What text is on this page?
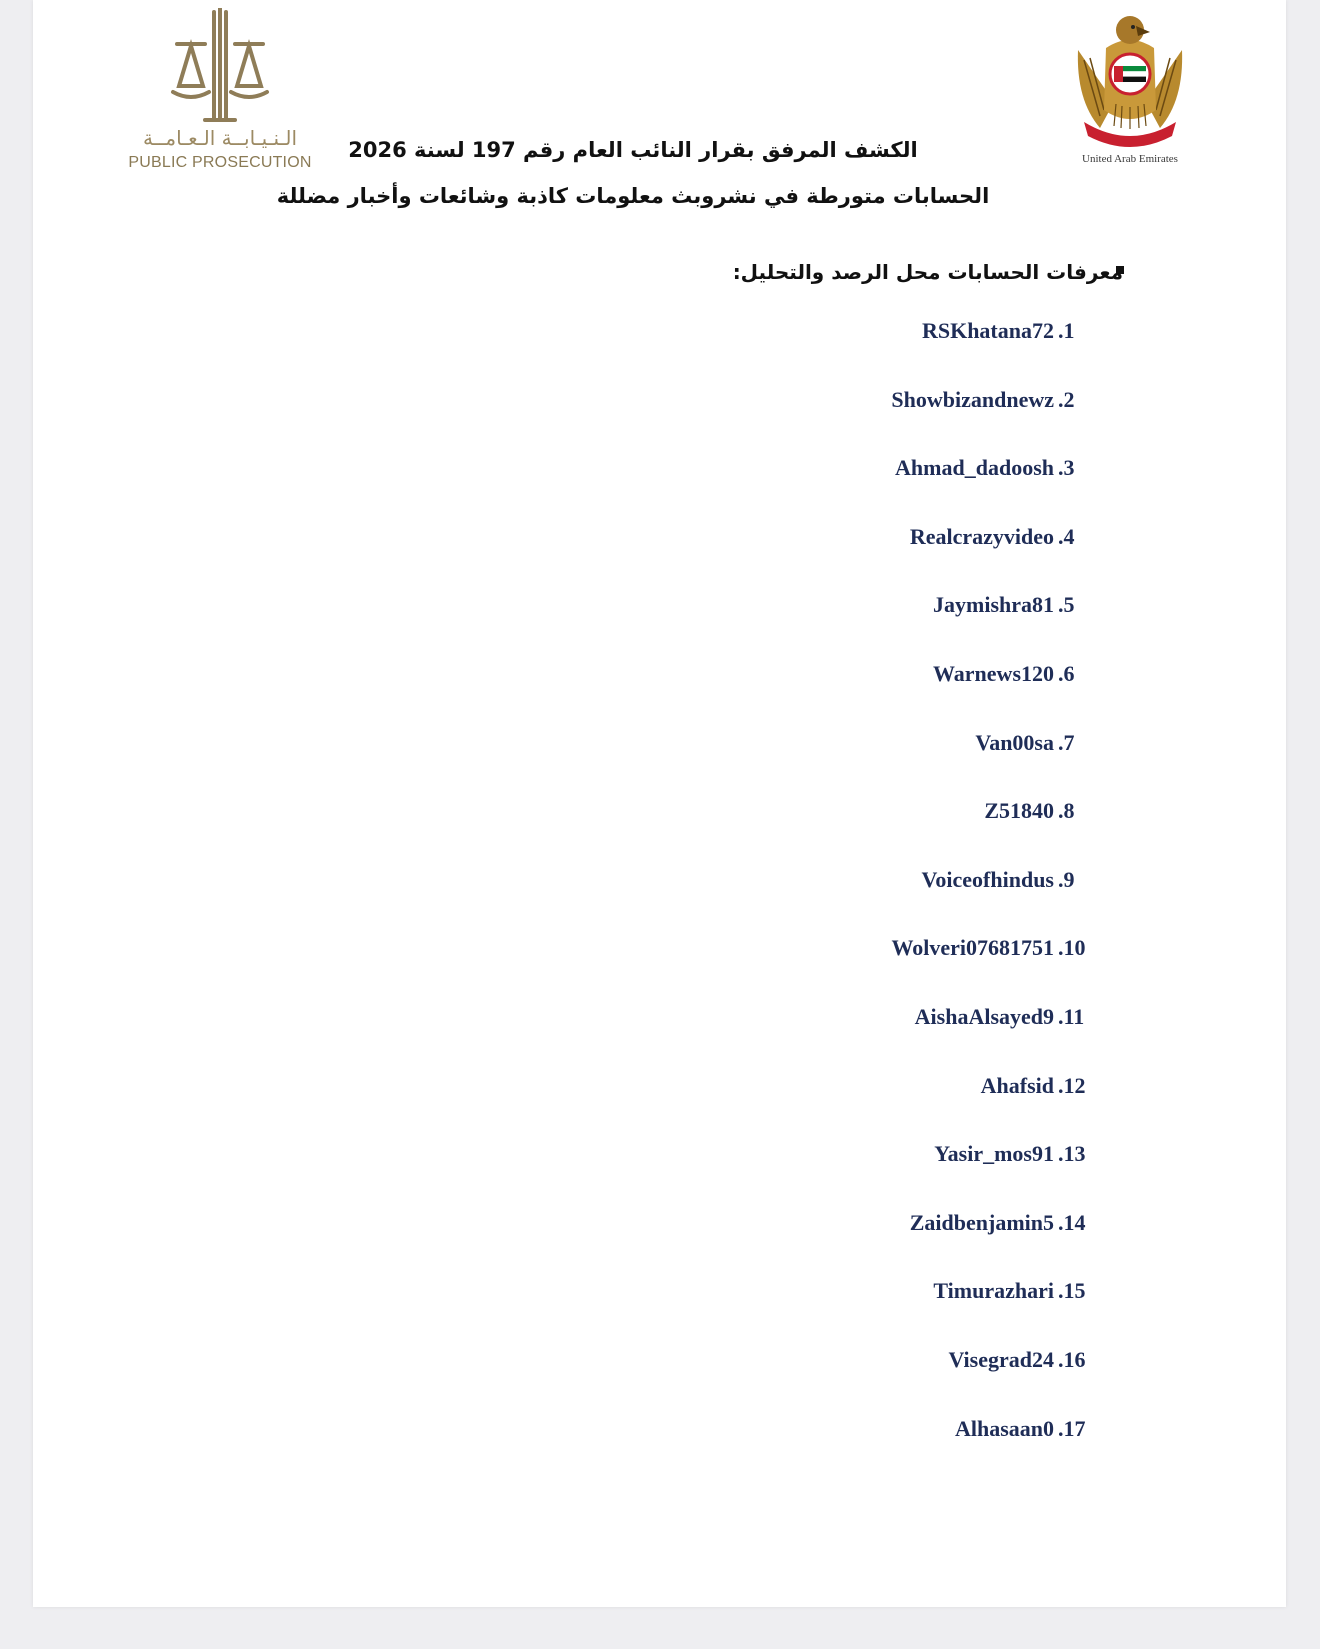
الـنـيـابــة الـعـامــة
PUBLIC PROSECUTION	United Arab Emirates
الكشف المرفق بقرار النائب العام رقم 197 لسنة 2026
الحسابات متورطة في نشروبث معلومات كاذبة وشائعات وأخبار مضللة
معرفات الحسابات محل الرصد والتحليل:
RSKhatana72 .1
Showbizandnewz .2
Ahmad_dadoosh .3
Realcrazyvideo .4
Jaymishra81 .5
Warnews120 .6
Van00sa .7
Z51840 .8
Voiceofhindus .9
Wolveri07681751 .10
AishaAlsayed9 .11
Ahafsid .12
Yasir_mos91 .13
Zaidbenjamin5 .14
Timurazhari .15
Visegrad24 .16
Alhasaan0 .17
